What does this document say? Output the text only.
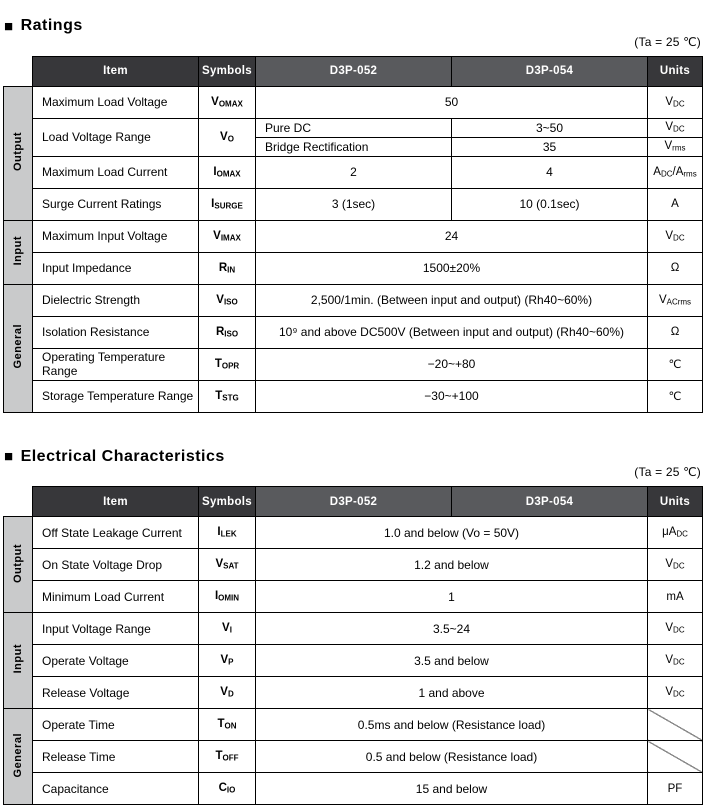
■ Ratings
(Ta = 25 ℃)
	Item	Symbols	D3P-052	D3P-054	Units
Output	Maximum Load Voltage	VOMAX	50		VDC
	Load Voltage Range	VO	Pure DC	3~50	VDC
			Bridge Rectification	35	Vrms
	Maximum Load Current	IOMAX	2	4	ADC/Arms
	Surge Current Ratings	ISURGE	3 (1sec)	10 (0.1sec)	A
Input	Maximum Input Voltage	VIMAX	24		VDC
	Input Impedance	RIN	1500±20%		Ω
General	Dielectric Strength	VISO	2,500/1min. (Between input and output) (Rh40~60%)		VACrms
	Isolation Resistance	RISO	10⁹ and above DC500V (Between input and output) (Rh40~60%)		Ω
	Operating Temperature Range	TOPR	−20~+80		℃
	Storage Temperature Range	TSTG	−30~+100		℃
■ Electrical Characteristics
(Ta = 25 ℃)
	Item	Symbols	D3P-052	D3P-054	Units
Output	Off State Leakage Current	ILEK	1.0 and below (Vo = 50V)		μADC
	On State Voltage Drop	VSAT	1.2 and below		VDC
	Minimum Load Current	IOMIN	1		mA
Input	Input Voltage Range	VI	3.5~24		VDC
	Operate Voltage	VP	3.5 and below		VDC
	Release Voltage	VD	1 and above		VDC
General	Operate Time	TON	0.5ms and below (Resistance load)		
	Release Time	TOFF	0.5 and below (Resistance load)		
	Capacitance	CIO	15 and below		PF
